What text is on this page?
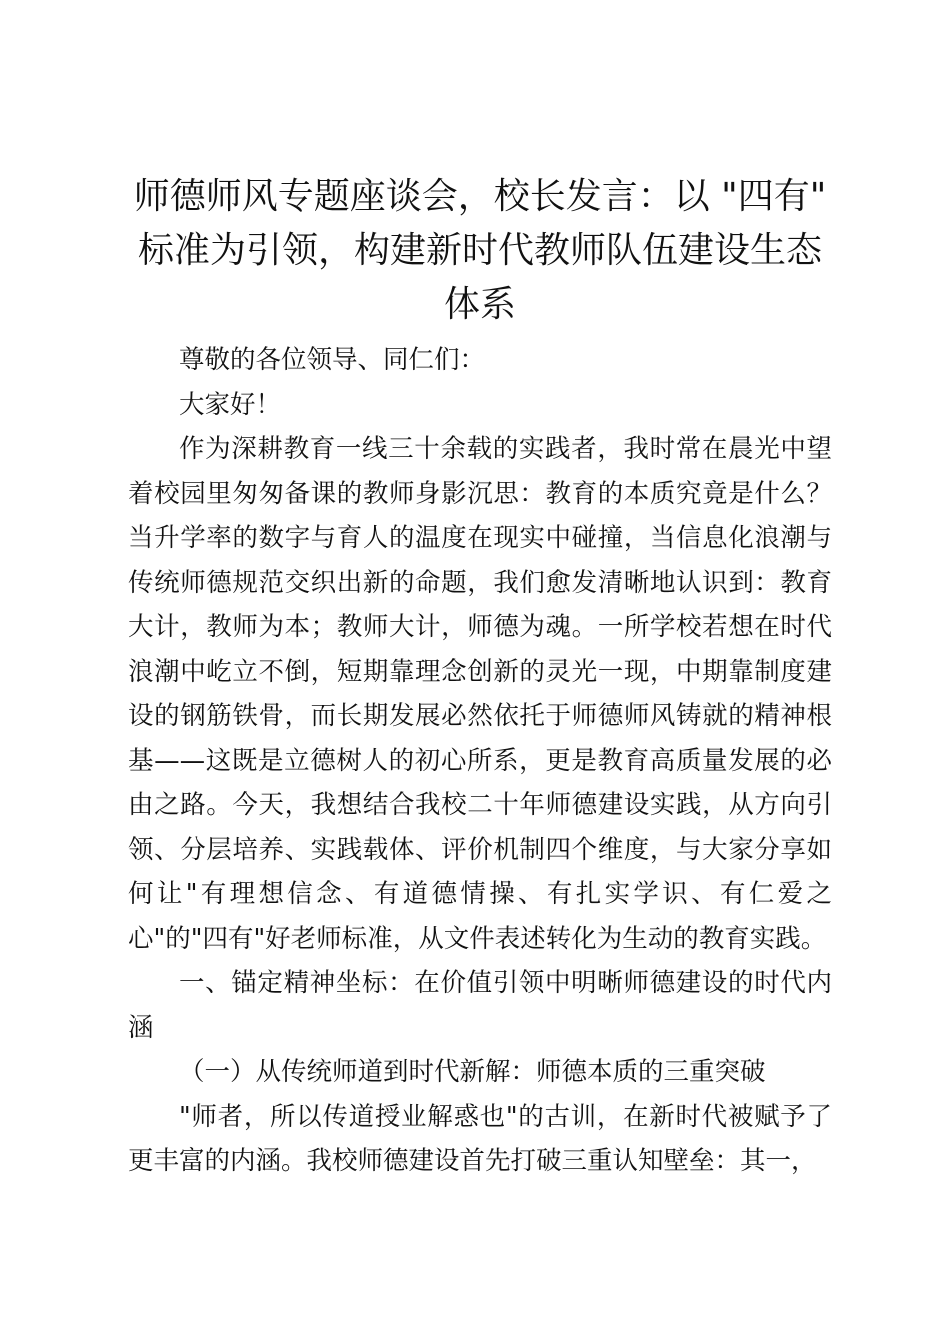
师德师风专题座谈会，校长发言：以 "四有" 标准为引领，构建新时代教师队伍建设生态体系

尊敬的各位领导、同仁们：

大家好！

作为深耕教育一线三十余载的实践者，我时常在晨光中望着校园里匆匆备课的教师身影沉思：教育的本质究竟是什么？当升学率的数字与育人的温度在现实中碰撞，当信息化浪潮与传统师德规范交织出新的命题，我们愈发清晰地认识到：教育大计，教师为本；教师大计，师德为魂。一所学校若想在时代浪潮中屹立不倒，短期靠理念创新的灵光一现，中期靠制度建设的钢筋铁骨，而长期发展必然依托于师德师风铸就的精神根基——这既是立德树人的初心所系，更是教育高质量发展的必由之路。今天，我想结合我校二十年师德建设实践，从方向引领、分层培养、实践载体、评价机制四个维度，与大家分享如何让"有理想信念、有道德情操、有扎实学识、有仁爱之心"的"四有"好老师标准，从文件表述转化为生动的教育实践。

一、锚定精神坐标：在价值引领中明晰师德建设的时代内涵

（一）从传统师道到时代新解：师德本质的三重突破

"师者，所以传道授业解惑也"的古训，在新时代被赋予了更丰富的内涵。我校师德建设首先打破三重认知壁垒：其一，
